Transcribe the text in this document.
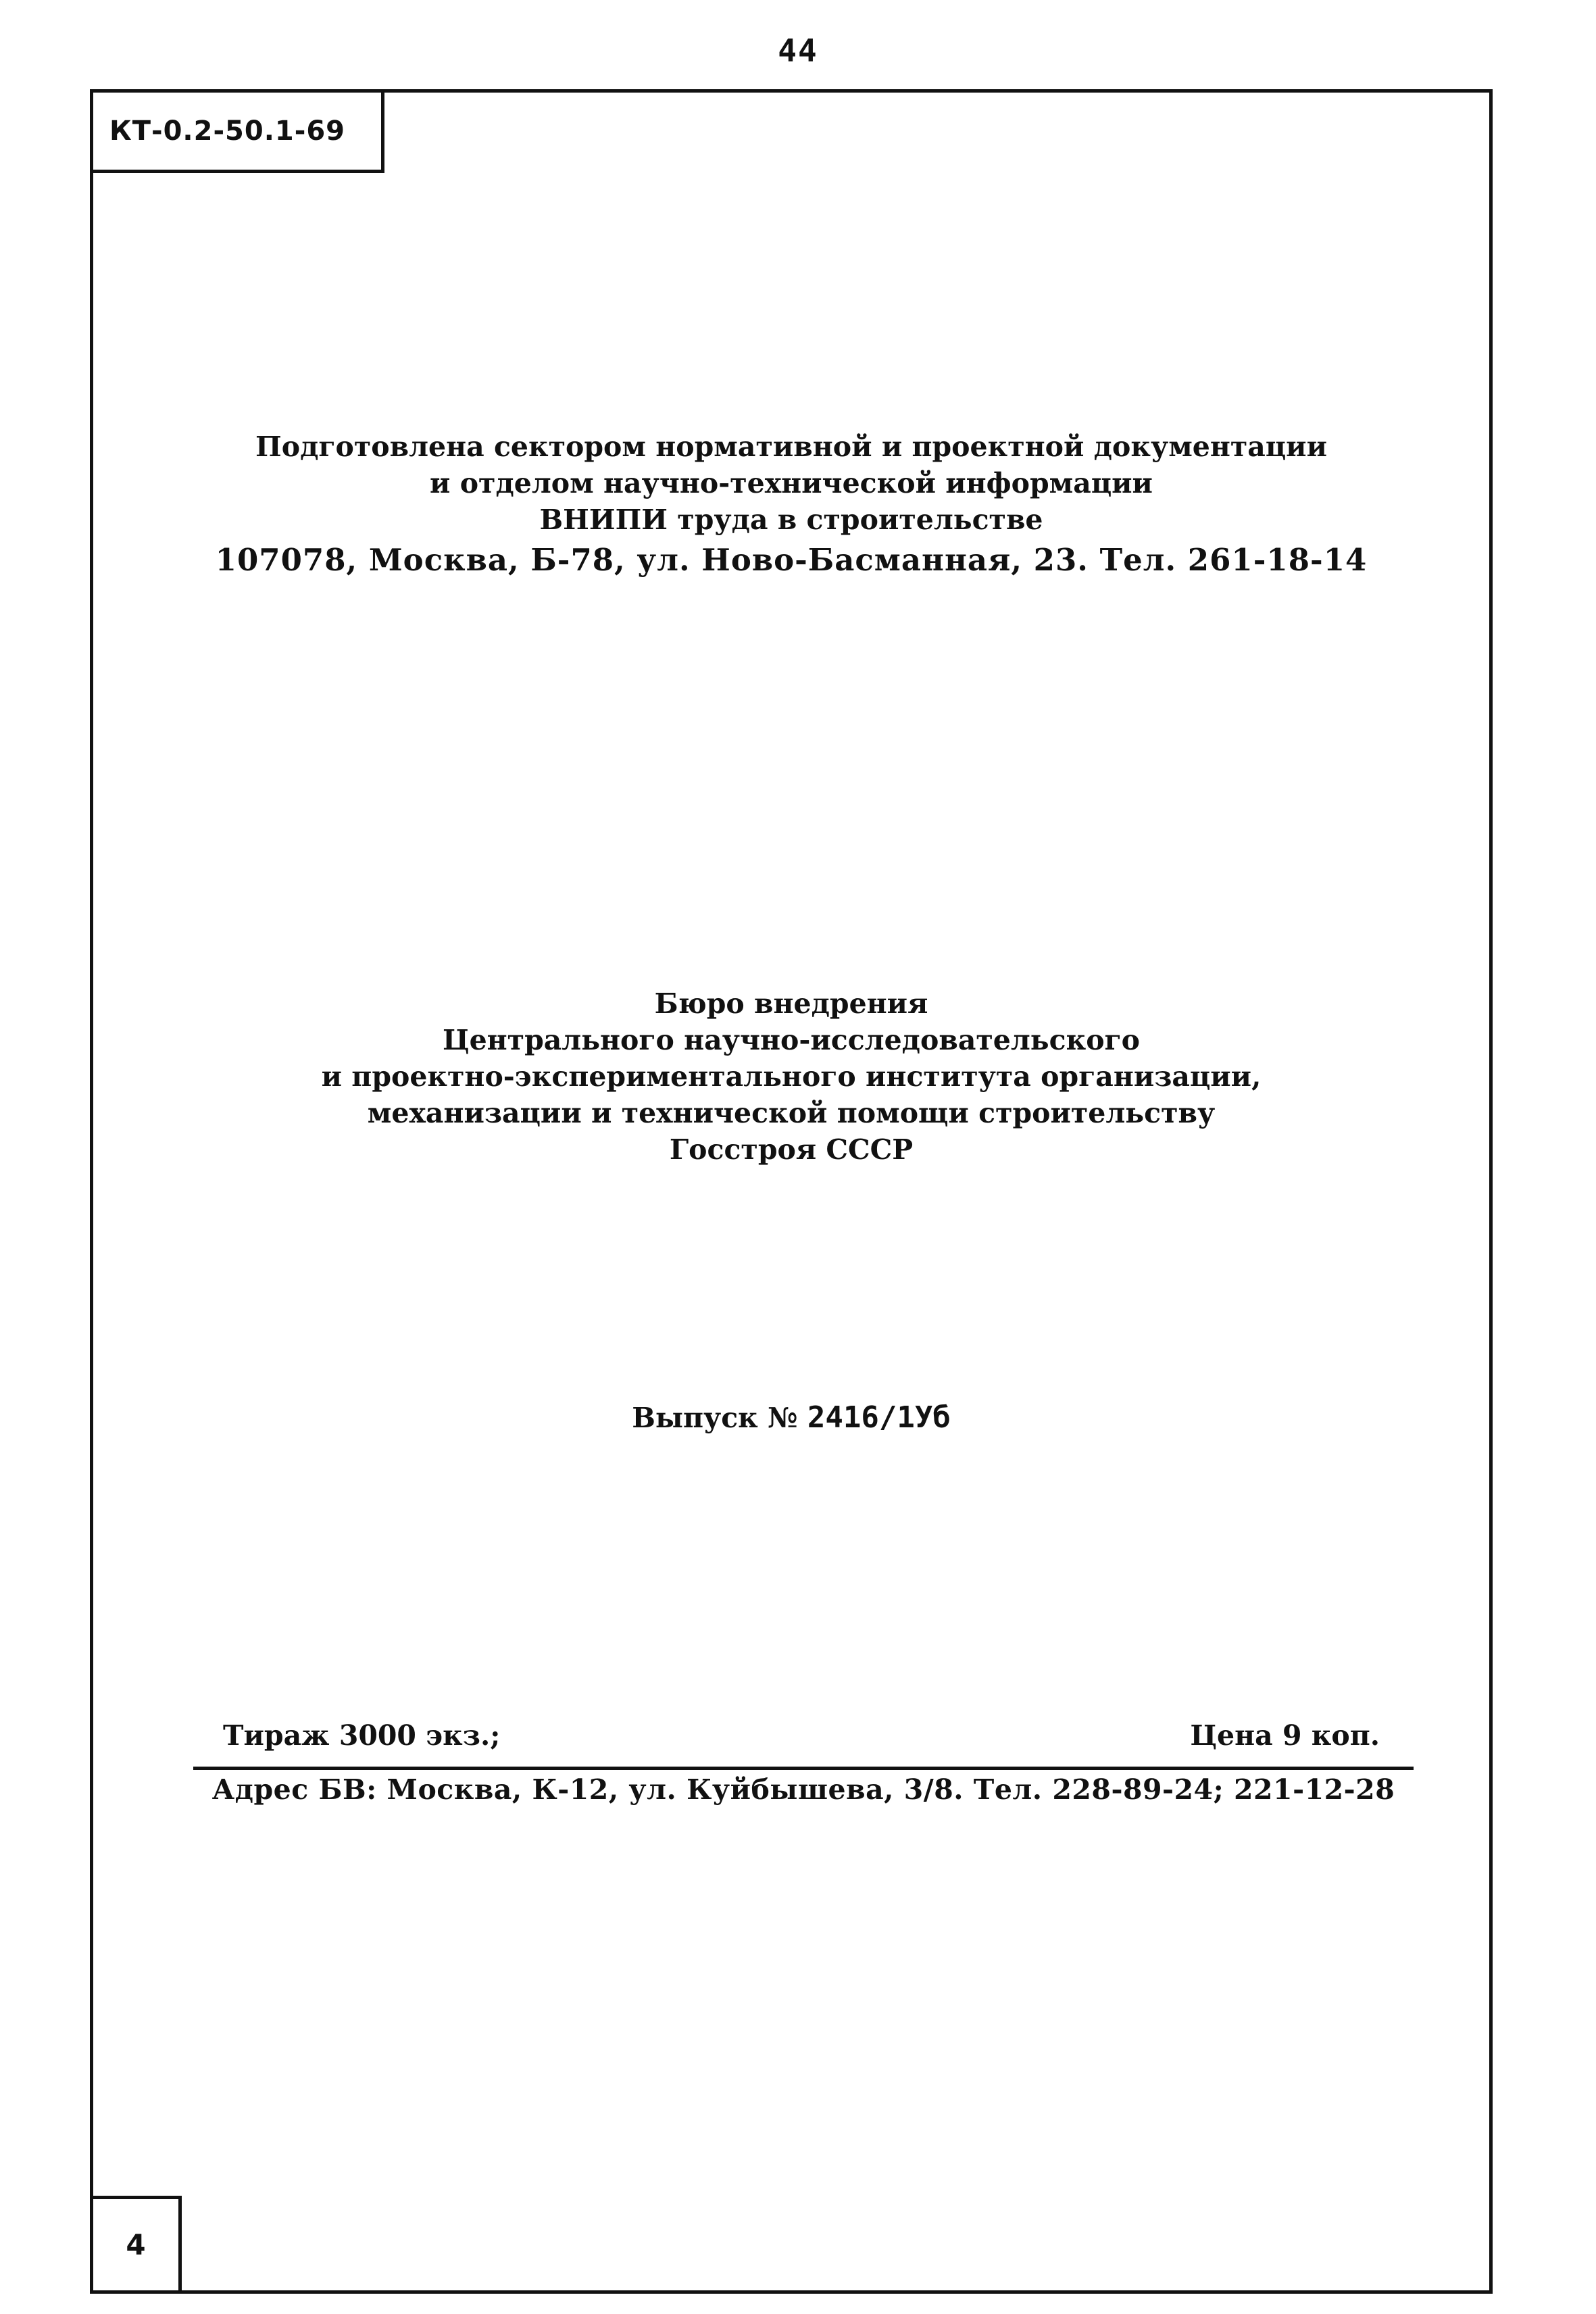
44
КТ-0.2-50.1-69
Подготовлена сектором нормативной и проектной документации
и отделом научно-технической информации
ВНИПИ труда в строительстве
107078, Москва, Б-78, ул. Ново-Басманная, 23. Тел. 261-18-14
Бюро внедрения
Центрального научно-исследовательского
и проектно-экспериментального института организации,
механизации и технической помощи строительству
Госстроя СССР
Выпуск № 2416/1Уб
Тираж 3000 экз.;	Цена 9 коп.
Адрес БВ: Москва, К-12, ул. Куйбышева, 3/8. Тел. 228-89-24; 221-12-28
4
